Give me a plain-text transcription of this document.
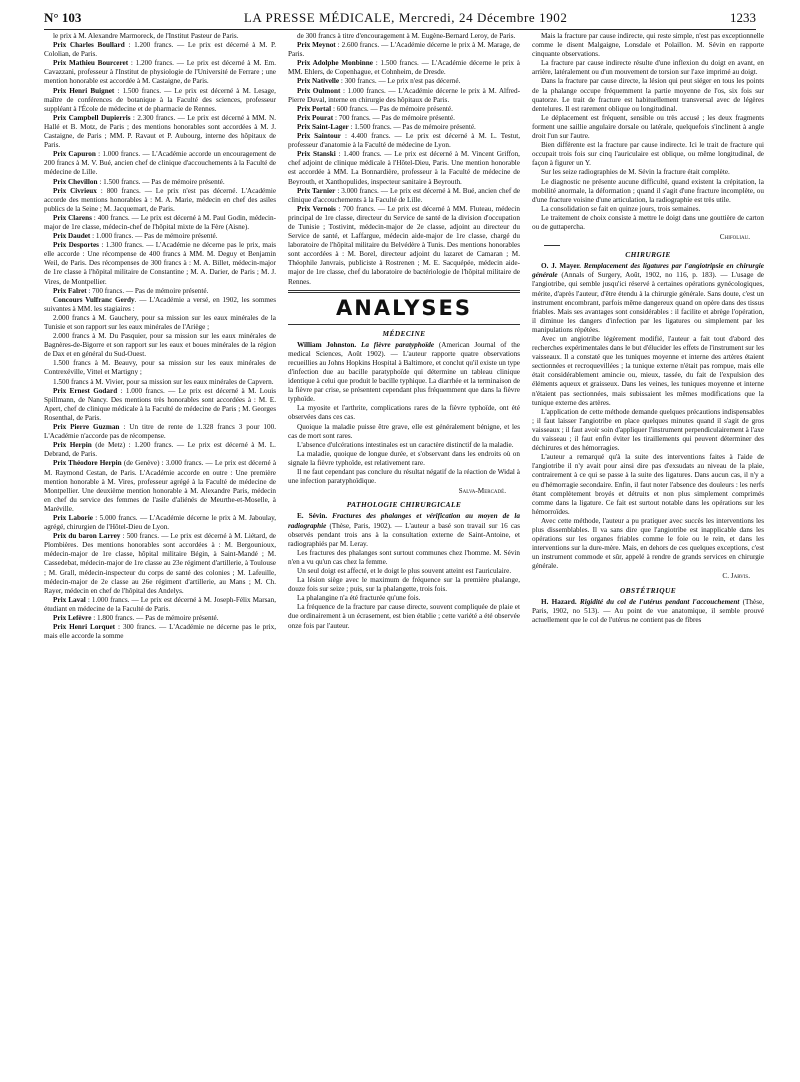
N° 103	LA PRESSE MÉDICALE, Mercredi, 24 Décembre 1902	1233

le prix à M. Alexandre Marmoreck, de l'Institut Pasteur de Paris.

Prix Charles Boullard : 1.200 francs. — Le prix est décerné à M. P. Cololian, de Paris.

Prix Mathieu Bourceret : 1.200 francs. — Le prix est décerné à M. Em. Cavazzani, professeur à l'Institut de physiologie de l'Université de Ferrare ; une mention honorable est accordée à M. Castaigne, de Paris.

Prix Henri Buignet : 1.500 francs. — Le prix est décerné à M. Lesage, maître de conférences de botanique à la Faculté des sciences, professeur suppléant à l'École de médecine et de pharmacie de Rennes.

Prix Campbell Dupierris : 2.300 francs. — Le prix est décerné à MM. N. Hallé et B. Motz, de Paris ; des mentions honorables sont accordées à M. J. Castaigne, de Paris ; MM. P. Ravaut et P. Aubourg, interne des hôpitaux de Paris.

Prix Capuron : 1.000 francs. — L'Académie accorde un encouragement de 200 francs à M. V. Bué, ancien chef de clinique d'accouchements à la Faculté de médecine de Lille.

Prix Chevillon : 1.500 francs. — Pas de mémoire présenté.

Prix Civrieux : 800 francs. — Le prix n'est pas décerné. L'Académie accorde des mentions honorables à : M. A. Marie, médecin en chef des asiles publics de la Seine ; M. Jacquemart, de Paris.

Prix Clarens : 400 francs. — Le prix est décerné à M. Paul Godin, médecin-major de 1re classe, médecin-chef de l'hôpital mixte de la Fère (Aisne).

Prix Daudet : 1.000 francs. — Pas de mémoire présenté.

Prix Desportes : 1.300 francs. — L'Académie ne décerne pas le prix, mais elle accorde : Une récompense de 400 francs à MM. M. Deguy et Benjamin Weil, de Paris. Des récompenses de 300 francs à : M. A. Billet, médecin-major de 1re classe à l'hôpital militaire de Constantine ; M. A. Darier, de Paris ; M. J. Vires, de Montpellier.

Prix Falret : 700 francs. — Pas de mémoire présenté.

Concours Vulfranc Gerdy. — L'Académie a versé, en 1902, les sommes suivantes à MM. les stagiaires :

2.000 francs à M. Gauchery, pour sa mission sur les eaux minérales de la Tunisie et son rapport sur les eaux minérales de l'Ariège ;

2.000 francs à M. Du Pasquier, pour sa mission sur les eaux minérales de Bagnères-de-Bigorre et son rapport sur les eaux et boues minérales de la région de Dax et en général du Sud-Ouest.

1.500 francs à M. Beauvy, pour sa mission sur les eaux minérales de Contrexéville, Vittel et Martigny ;

1.500 francs à M. Vivier, pour sa mission sur les eaux minérales de Capvern.

Prix Ernest Godard : 1.000 francs. — Le prix est décerné à M. Louis Spillmann, de Nancy. Des mentions très honorables sont accordées à : M. E. Apert, chef de clinique médicale à la Faculté de médecine de Paris ; M. Georges Rosenthal, de Paris.

Prix Pierre Guzman : Un titre de rente de 1.328 francs 3 pour 100. L'Académie n'accorde pas de récompense.

Prix Herpin (de Metz) : 1.200 francs. — Le prix est décerné à M. L. Debrand, de Paris.

Prix Théodore Herpin (de Genève) : 3.000 francs. — Le prix est décerné à M. Raymond Cestan, de Paris. L'Académie accorde en outre : Une première mention honorable à M. Vires, professeur agrégé à la Faculté de médecine de Montpellier. Une deuxième mention honorable à M. Alexandre Paris, médecin en chef du service des femmes de l'asile d'aliénés de Meurthe-et-Moselle, à Maréville.

Prix Laborie : 5.000 francs. — L'Académie décerne le prix à M. Jaboulay, agrégé, chirurgien de l'Hôtel-Dieu de Lyon.

Prix du baron Larrey : 500 francs. — Le prix est décerné à M. Liétard, de Plombières. Des mentions honorables sont accordées à : M. Bergounioux, médecin-major de 1re classe, hôpital militaire Bégin, à Saint-Mandé ; M. Cassedebat, médecin-major de 1re classe au 23e régiment d'artillerie, à Toulouse ; M. Grall, médecin-inspecteur du corps de santé des colonies ; M. Lafeuille, médecin-major de 2e classe au 26e régiment d'artillerie, au Mans ; M. Ch. Rayer, médecin en chef de l'hôpital des Andelys.

Prix Laval : 1.000 francs. — Le prix est décerné à M. Joseph-Félix Marsan, étudiant en médecine de la Faculté de Paris.

Prix Lefèvre : 1.800 francs. — Pas de mémoire présenté.

Prix Henri Lorquet : 300 francs. — L'Académie ne décerne pas le prix, mais elle accorde la somme

de 300 francs à titre d'encouragement à M. Eugène-Bernard Leroy, de Paris.

Prix Meynot : 2.600 francs. — L'Académie décerne le prix à M. Marage, de Paris.

Prix Adolphe Monbinne : 1.500 francs. — L'Académie décerne le prix à MM. Ehlers, de Copenhague, et Cohnheim, de Dresde.

Prix Nativelle : 300 francs. — Le prix n'est pas décerné.

Prix Oulmont : 1.000 francs. — L'Académie décerne le prix à M. Alfred-Pierre Duval, interne en chirurgie des hôpitaux de Paris.

Prix Portal : 600 francs. — Pas de mémoire présenté.

Prix Pourat : 700 francs. — Pas de mémoire présenté.

Prix Saint-Lager : 1.500 francs. — Pas de mémoire présenté.

Prix Saintour : 4.400 francs. — Le prix est décerné à M. L. Testut, professeur d'anatomie à la Faculté de médecine de Lyon.

Prix Stanski : 1.400 francs. — Le prix est décerné à M. Vincent Griffon, chef adjoint de clinique médicale à l'Hôtel-Dieu, Paris. Une mention honorable est accordée à MM. La Bonnardière, professeur à la Faculté de médecine de Beyrouth, et Xanthopulides, inspecteur sanitaire à Beyrouth.

Prix Tarnier : 3.000 francs. — Le prix est décerné à M. Bué, ancien chef de clinique d'accouchements à la Faculté de Lille.

Prix Vernois : 700 francs. — Le prix est décerné à MM. Fluteau, médecin principal de 1re classe, directeur du Service de santé de la division d'occupation de Tunisie ; Tostivint, médecin-major de 2e classe, adjoint au directeur du Service de santé, et Laffargue, médecin aide-major de 1re classe, chargé du laboratoire de l'hôpital militaire du Belvédère à Tunis. Des mentions honorables sont accordées à : M. Borel, directeur adjoint du lazaret de Camaran ; M. Théophile Janvrais, publiciste à Rostrenen ; M. E. Sacquépée, médecin aide-major de 1re classe, chef du laboratoire de bactériologie de l'hôpital militaire de Rennes.

ANALYSES
MÉDECINE

William Johnston. La fièvre paratyphoïde (American Journal of the medical Sciences, Août 1902). — L'auteur rapporte quatre observations recueillies au Johns Hopkins Hospital à Baltimore, et conclut qu'il existe un type d'infection due au bacille paratyphoïde qui détermine un tableau clinique identique à celui que produit le bacille typhique. La diarrhée et la terminaison de la fièvre par crise, se présentent cependant plus fréquemment que dans la fièvre typhoïde.

La myosite et l'arthrite, complications rares de la fièvre typhoïde, ont été observées dans ces cas.

Quoique la maladie puisse être grave, elle est généralement bénigne, et les cas de mort sont rares.

L'absence d'ulcérations intestinales est un caractère distinctif de la maladie.

La maladie, quoique de longue durée, et s'observant dans les endroits où on signale la fièvre typhoïde, est relativement rare.

Il ne faut cependant pas conclure du résultat négatif de la réaction de Widal à une infection paratyphoïdique.

Salva-Mercadé.
PATHOLOGIE CHIRURGICALE

E. Sévin. Fractures des phalanges et vérification au moyen de la radiographie (Thèse, Paris, 1902). — L'auteur a basé son travail sur 16 cas observés pendant trois ans à la consultation externe de Saint-Antoine, et radiographiés par M. Leray.

Les fractures des phalanges sont surtout communes chez l'homme. M. Sévin n'en a vu qu'un cas chez la femme.

Un seul doigt est affecté, et le doigt le plus souvent atteint est l'auriculaire.

La lésion siège avec le maximum de fréquence sur la première phalange, douze fois sur seize ; puis, sur la phalangette, trois fois.

La phalangine n'a été fracturée qu'une fois.

La fréquence de la fracture par cause directe, souvent compliquée de plaie et due ordinairement à un écrasement, est bien établie ; cette variété a été observée onze fois par l'auteur.

Mais la fracture par cause indirecte, qui reste simple, n'est pas exceptionnelle comme le disent Malgaigne, Lonsdale et Polaillon. M. Sévin en rapporte cinquante observations.

La fracture par cause indirecte résulte d'une inflexion du doigt en avant, en arrière, latéralement ou d'un mouvement de torsion sur l'axe imprimé au doigt.

Dans la fracture par cause directe, la lésion qui peut siéger en tous les points de la phalange occupe fréquemment la partie moyenne de l'os, six fois sur quatorze. Le trait de fracture est habituellement transversal avec de légères dentelures. Il est rarement oblique ou longitudinal.

Le déplacement est fréquent, sensible ou très accusé ; les deux fragments forment une saillie angulaire dorsale ou latérale, quelquefois s'inclinent à angle droit l'un sur l'autre.

Bien différente est la fracture par cause indirecte. Ici le trait de fracture qui occupait trois fois sur cinq l'auriculaire est oblique, ou même longitudinal, de façon à figurer un Y.

Sur les seize radiographies de M. Sévin la fracture était complète.

Le diagnostic ne présente aucune difficulté, quand existent la crépitation, la mobilité anormale, la déformation ; quand il s'agit d'une fracture incomplète, ou d'une fracture voisine d'une articulation, la radiographie est très utile.

La consolidation se fait en quinze jours, trois semaines.

Le traitement de choix consiste à mettre le doigt dans une gouttière de carton ou de guttapercha.

Chifoliau.
CHIRURGIE

O. J. Mayer. Remplacement des ligatures par l'angiotripsie en chirurgie générale (Annals of Surgery, Août, 1902, no 116, p. 183). — L'usage de l'angiotribe, qui semble jusqu'ici réservé à certaines opérations gynécologiques, mérite, d'après l'auteur, d'être étendu à la chirurgie générale. Sans doute, c'est un instrument encombrant, parfois même dangereux quand on opère dans des tissus friables. Mais ses avantages sont considérables : il facilite et abrège l'opération, il diminue les dangers d'infection par les ligatures ou simplement par les manipulations répétées.

Avec un angiotribe légèrement modifié, l'auteur a fait tout d'abord des recherches expérimentales dans le but d'élucider les effets de l'instrument sur les vaisseaux. Il a constaté que les tuniques moyenne et interne des artères étaient sectionnées et recroquevillées ; la tunique externe n'était pas rompue, mais elle était considérablement amincie ou, mieux, tassée, du fait de l'expulsion des éléments aqueux et graisseux. Dans les veines, les tuniques moyenne et interne n'étaient pas sectionnées, mais subissaient les mêmes modifications que la tunique externe des artères.

L'application de cette méthode demande quelques précautions indispensables ; il faut laisser l'angiotribe en place quelques minutes quand il s'agit de gros vaisseaux ; il faut avoir soin d'appliquer l'instrument perpendiculairement à l'axe du vaisseau ; il faut enfin éviter les tiraillements qui peuvent déterminer des déchirures et des hémorragies.

L'auteur a remarqué qu'à la suite des interventions faites à l'aide de l'angiotribe il n'y avait pour ainsi dire pas d'exsudats au niveau de la plaie, contrairement à ce qui se passe à la suite des ligatures. Dans aucun cas, il n'y a eu d'hémorragie secondaire. Enfin, il faut noter l'absence des douleurs : les nerfs étant complètement broyés et détruits et non plus simplement comprimés comme dans la ligature. Ce fait est surtout notable dans les opérations sur les hémorroïdes.

Avec cette méthode, l'auteur a pu pratiquer avec succès les interventions les plus dissemblables. Il va sans dire que l'angiotribe est inapplicable dans les opérations sur les organes friables comme le foie ou le rein, et dans les interventions sur la dure-mère. Mais, en dehors de ces quelques exceptions, c'est un instrument commode et sûr, appelé à rendre de grands services en chirurgie générale.

C. Jarvis.
OBSTÉTRIQUE

H. Hazard. Rigidité du col de l'utérus pendant l'accouchement (Thèse, Paris, 1902, no 513). — Au point de vue anatomique, il semble prouvé actuellement que le col de l'utérus ne contient pas de fibres
